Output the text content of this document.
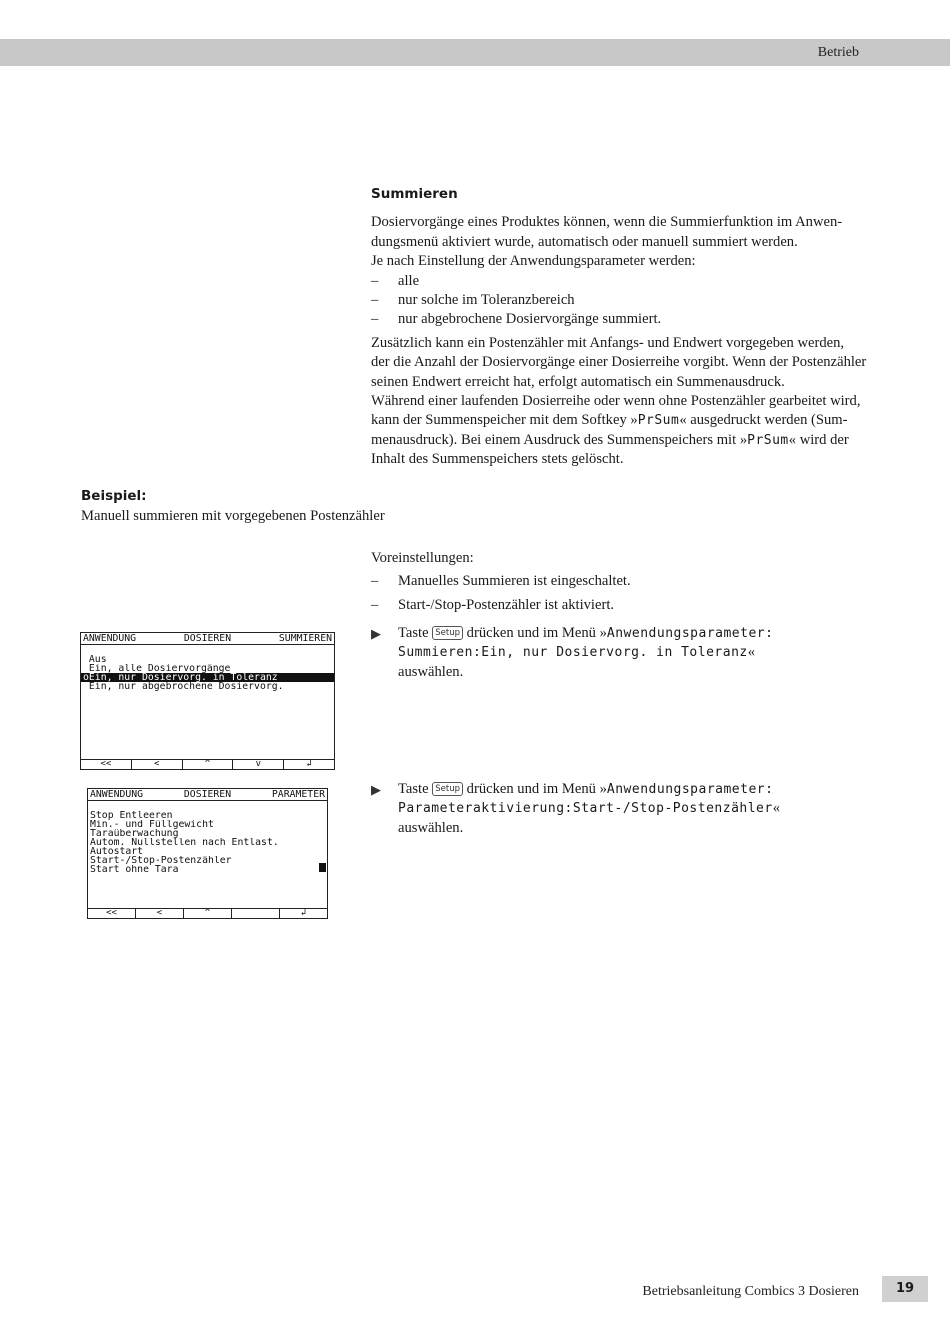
Betrieb
Summieren

Dosiervorgänge eines Produktes können, wenn die Summierfunktion im Anwen-

dungsmenü aktiviert wurde, automatisch oder manuell summiert werden.

Je nach Einstellung der Anwendungsparameter werden:

–	alle
–	nur solche im Toleranzbereich
–	nur abgebrochene Dosiervorgänge summiert.

Zusätzlich kann ein Postenzähler mit Anfangs- und Endwert vorgegeben werden,

der die Anzahl der Dosiervorgänge einer Dosierreihe vorgibt. Wenn der Postenzähler

seinen Endwert erreicht hat, erfolgt automatisch ein Summenausdruck.

Während einer laufenden Dosierreihe oder wenn ohne Postenzähler gearbeitet wird,

kann der Summenspeicher mit dem Softkey »PrSum« ausgedruckt werden (Sum-

menausdruck). Bei einem Ausdruck des Summenspeichers mit »PrSum« wird der

Inhalt des Summenspeichers stets gelöscht.

Beispiel:
Manuell summieren mit vorgegebenen Postenzähler

Voreinstellungen:

–	Manuelles Summieren ist eingeschaltet.
–	Start-/Stop-Postenzähler ist aktiviert.
▶	Taste Setup drücken und im Menü »Anwendungsparameter:
Summieren:Ein, nur Dosiervorg. in Toleranz«
auswählen.
▶	Taste Setup drücken und im Menü »Anwendungsparameter:
Parameteraktivierung:Start-/Stop-Postenzähler«
auswählen.
ANWENDUNG	DOSIEREN	SUMMIEREN
Aus
Ein, alle Dosiervorgänge
oEin, nur Dosiervorg. in Toleranz
Ein, nur abgebrochene Dosiervorg.
<<	<	^	v	↲
ANWENDUNG	DOSIEREN	PARAMETER
Stop Entleeren
Min.- und Füllgewicht
Taraüberwachung
Autom. Nullstellen nach Entlast.
Autostart
Start-/Stop-Postenzähler
Start ohne Tara
<<	<	^	↲
Betriebsanleitung Combics 3 Dosieren	19
